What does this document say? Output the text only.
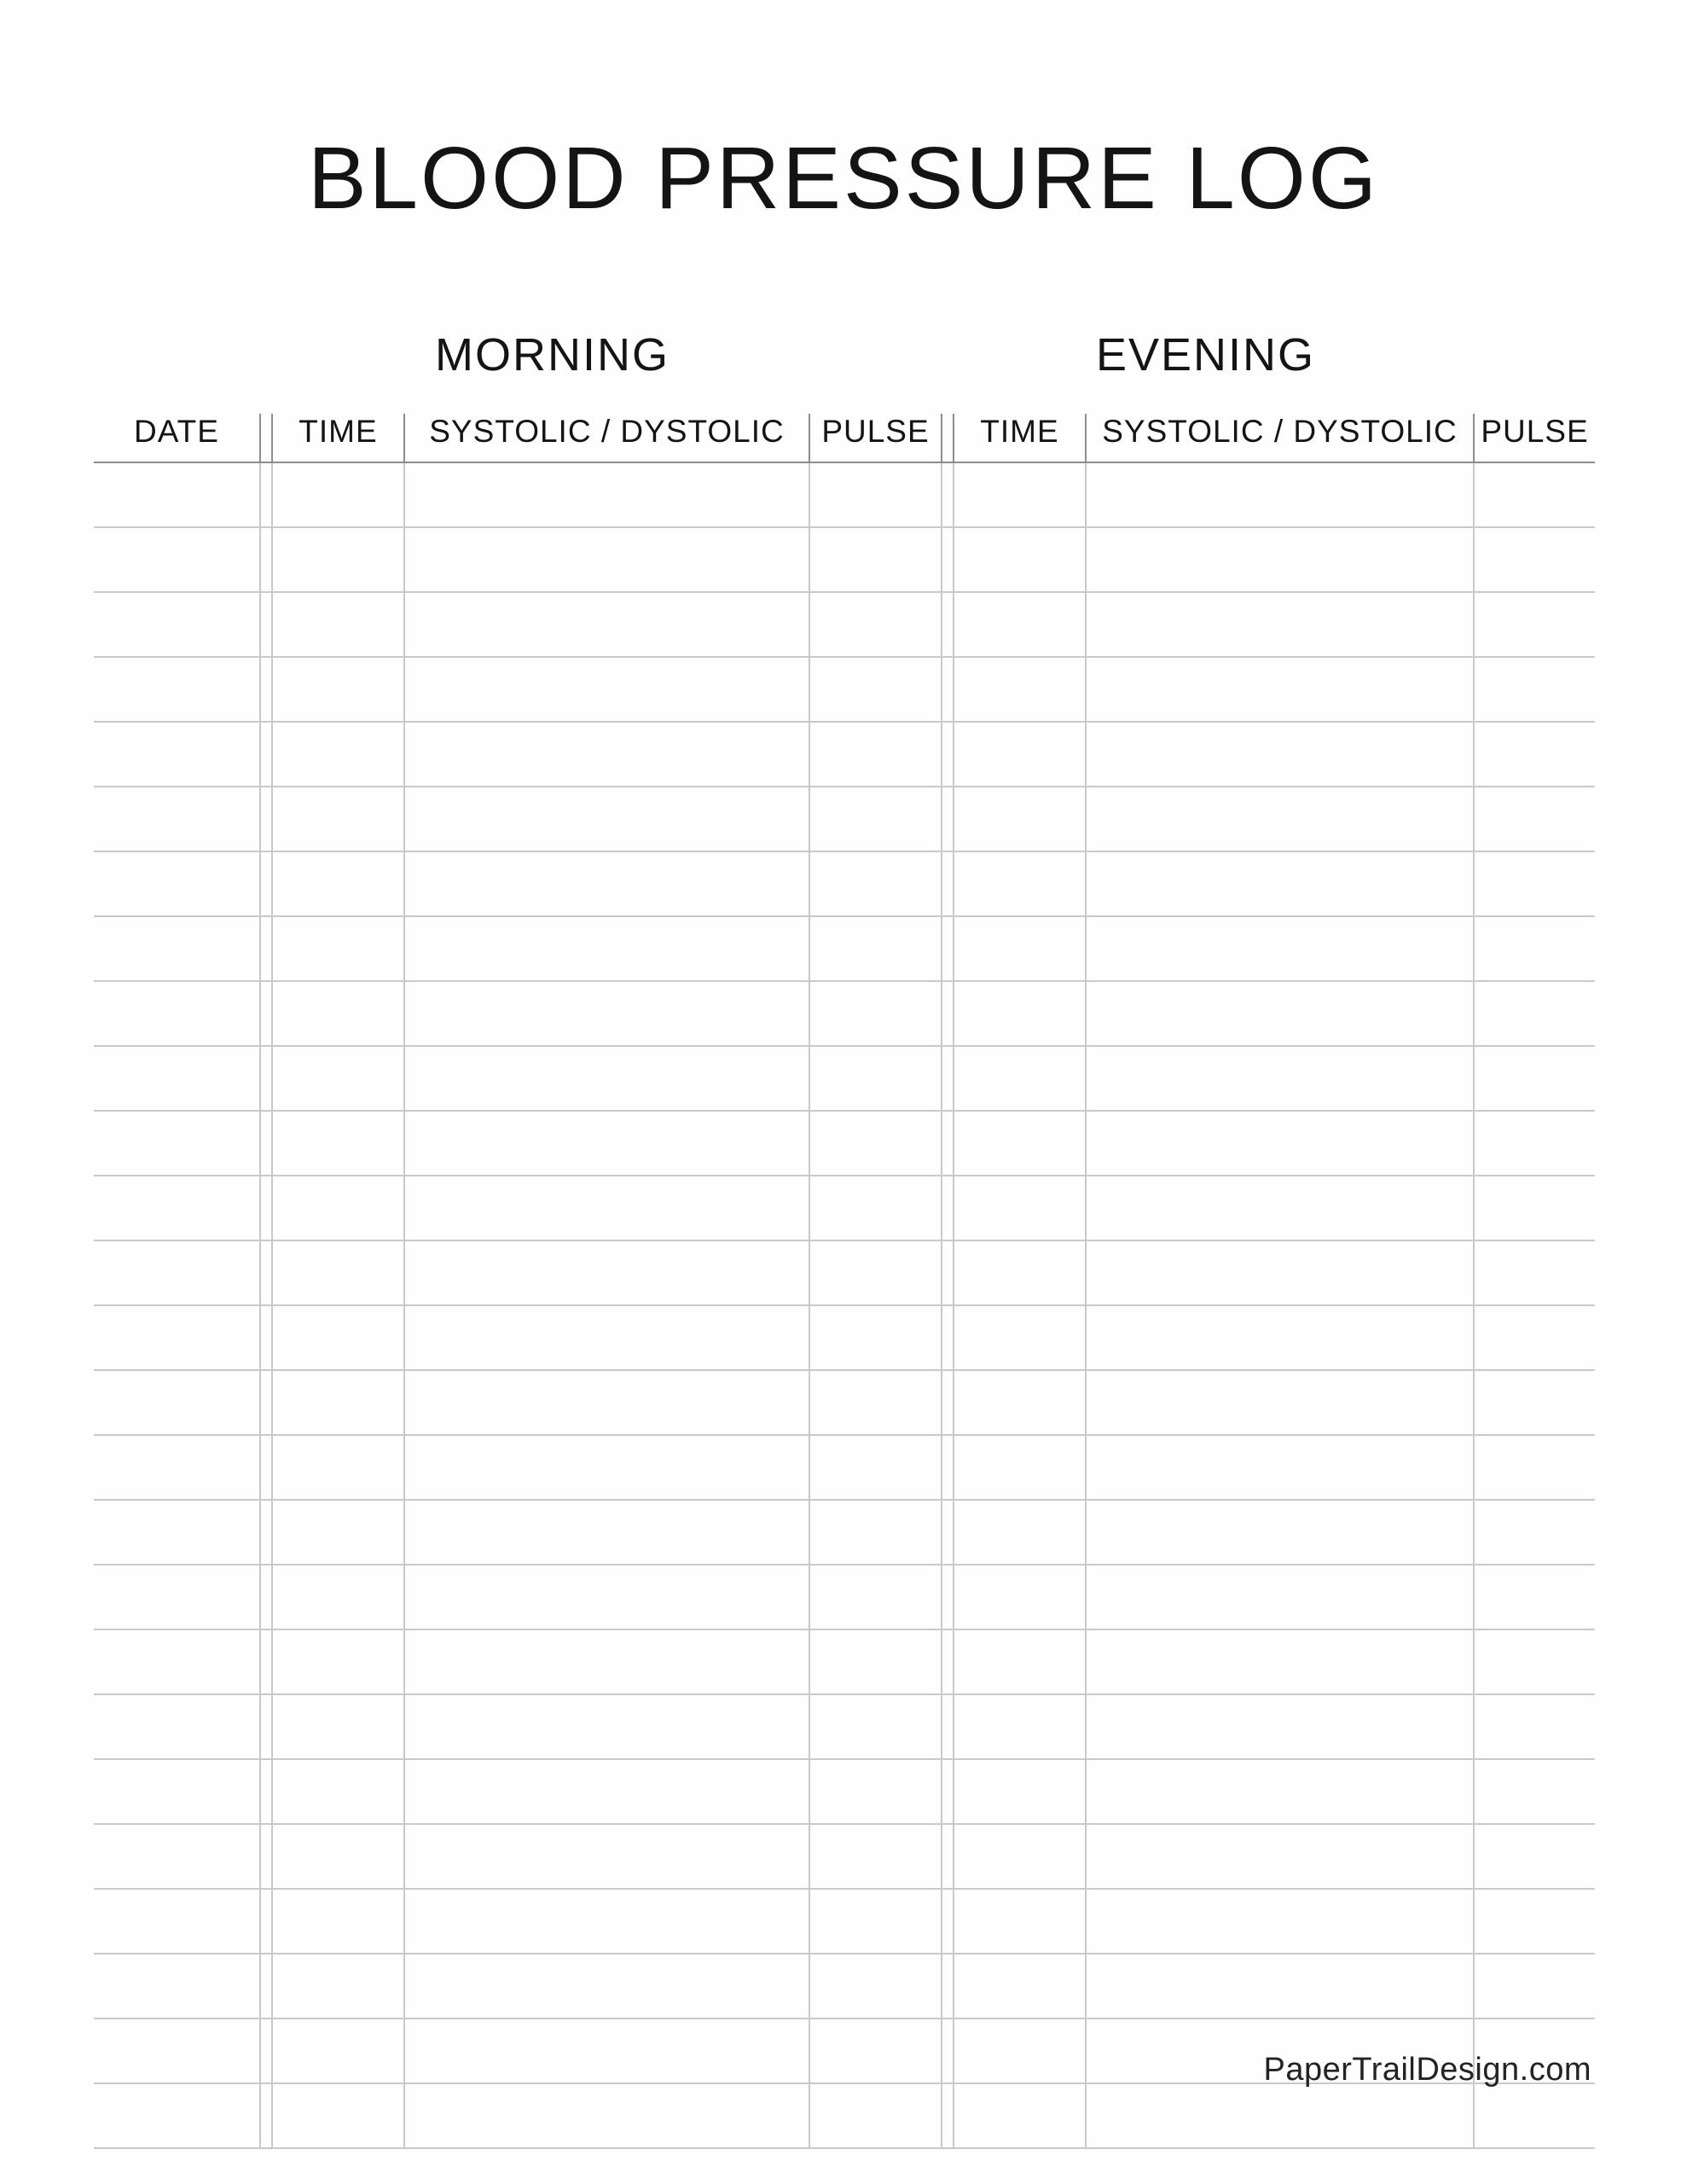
BLOOD PRESSURE LOG
MORNING	EVENING
DATE		TIME	SYSTOLIC / DYSTOLIC	PULSE		TIME	SYSTOLIC / DYSTOLIC	PULSE

PaperTrailDesign.com
